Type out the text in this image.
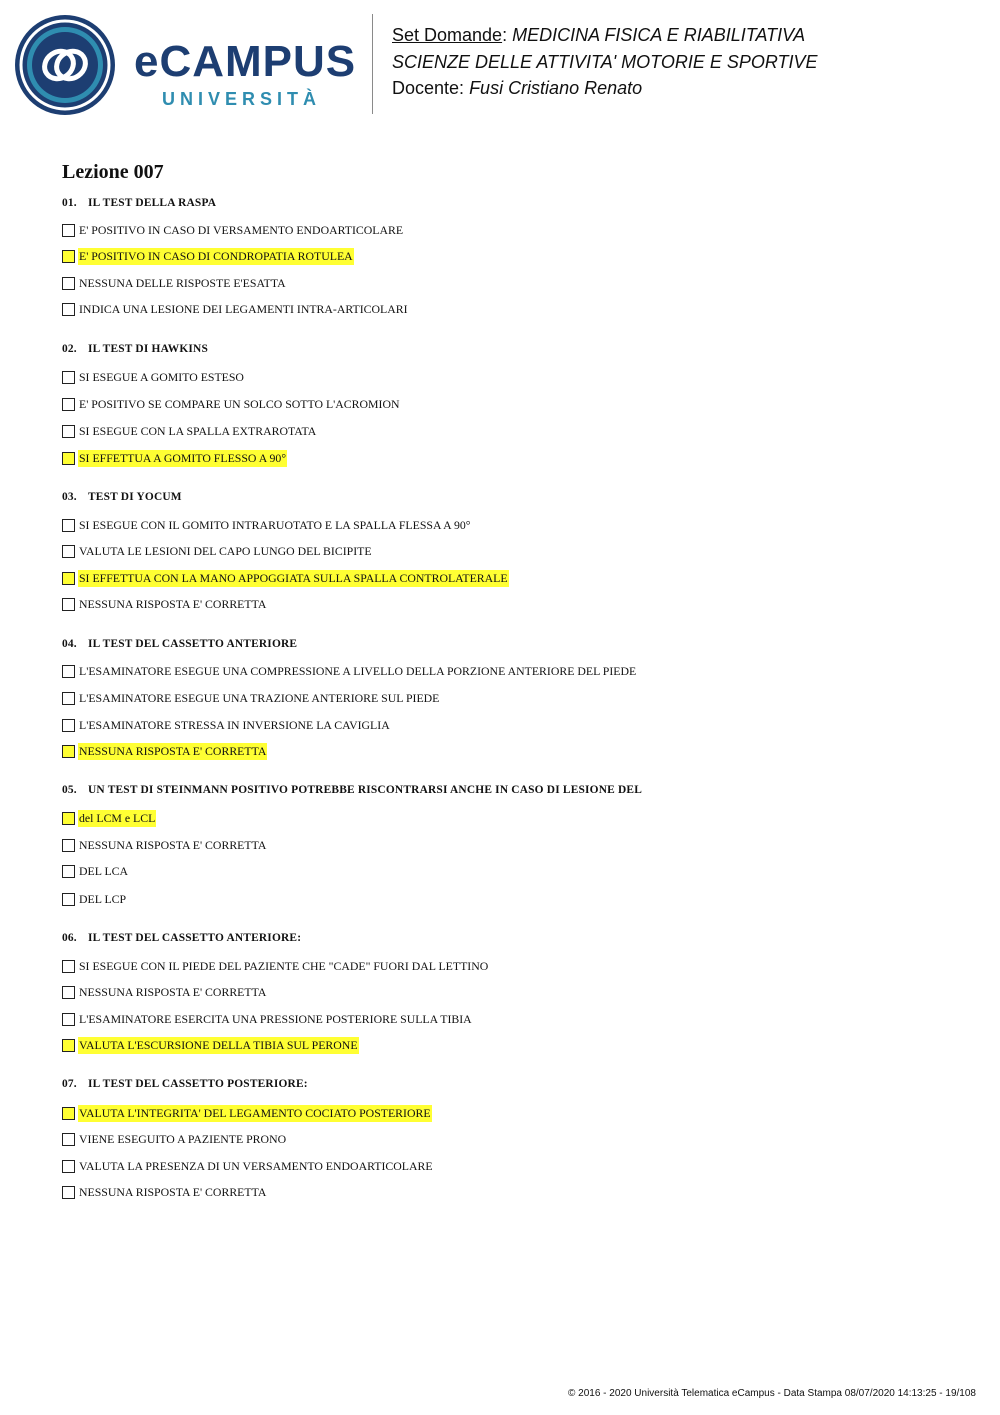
eCAMPUS
UNIVERSITÀ
Set Domande: MEDICINA FISICA E RIABILITATIVA
SCIENZE DELLE ATTIVITA' MOTORIE E SPORTIVE
Docente: Fusi Cristiano Renato
Lezione 007
01. IL TEST DELLA RASPA
E' POSITIVO IN CASO DI VERSAMENTO ENDOARTICOLARE
E' POSITIVO IN CASO DI CONDROPATIA ROTULEA
NESSUNA DELLE RISPOSTE E'ESATTA
INDICA UNA LESIONE DEI LEGAMENTI INTRA-ARTICOLARI
02. IL TEST DI HAWKINS
SI ESEGUE A GOMITO ESTESO
E' POSITIVO SE COMPARE UN SOLCO SOTTO L'ACROMION
SI ESEGUE CON LA SPALLA EXTRAROTATA
SI EFFETTUA A GOMITO FLESSO A 90°
03. TEST DI YOCUM
SI ESEGUE CON IL GOMITO INTRARUOTATO E LA SPALLA FLESSA A 90°
VALUTA LE LESIONI DEL CAPO LUNGO DEL BICIPITE
SI EFFETTUA CON LA MANO APPOGGIATA SULLA SPALLA CONTROLATERALE
NESSUNA RISPOSTA E' CORRETTA
04. IL TEST DEL CASSETTO ANTERIORE
L'ESAMINATORE ESEGUE UNA COMPRESSIONE A LIVELLO DELLA PORZIONE ANTERIORE DEL PIEDE
L'ESAMINATORE ESEGUE UNA TRAZIONE ANTERIORE SUL PIEDE
L'ESAMINATORE STRESSA IN INVERSIONE LA CAVIGLIA
NESSUNA RISPOSTA E' CORRETTA
05. UN TEST DI STEINMANN POSITIVO POTREBBE RISCONTRARSI ANCHE IN CASO DI LESIONE DEL
del LCM e LCL
NESSUNA RISPOSTA E' CORRETTA
DEL LCA
DEL LCP
06. IL TEST DEL CASSETTO ANTERIORE:
SI ESEGUE CON IL PIEDE DEL PAZIENTE CHE "CADE" FUORI DAL LETTINO
NESSUNA RISPOSTA E' CORRETTA
L'ESAMINATORE ESERCITA UNA PRESSIONE POSTERIORE SULLA TIBIA
VALUTA L'ESCURSIONE DELLA TIBIA SUL PERONE
07. IL TEST DEL CASSETTO POSTERIORE:
VALUTA L'INTEGRITA' DEL LEGAMENTO COCIATO POSTERIORE
VIENE ESEGUITO A PAZIENTE PRONO
VALUTA LA PRESENZA DI UN VERSAMENTO ENDOARTICOLARE
NESSUNA RISPOSTA E' CORRETTA
© 2016 - 2020 Università Telematica eCampus - Data Stampa 08/07/2020 14:13:25 - 19/108
